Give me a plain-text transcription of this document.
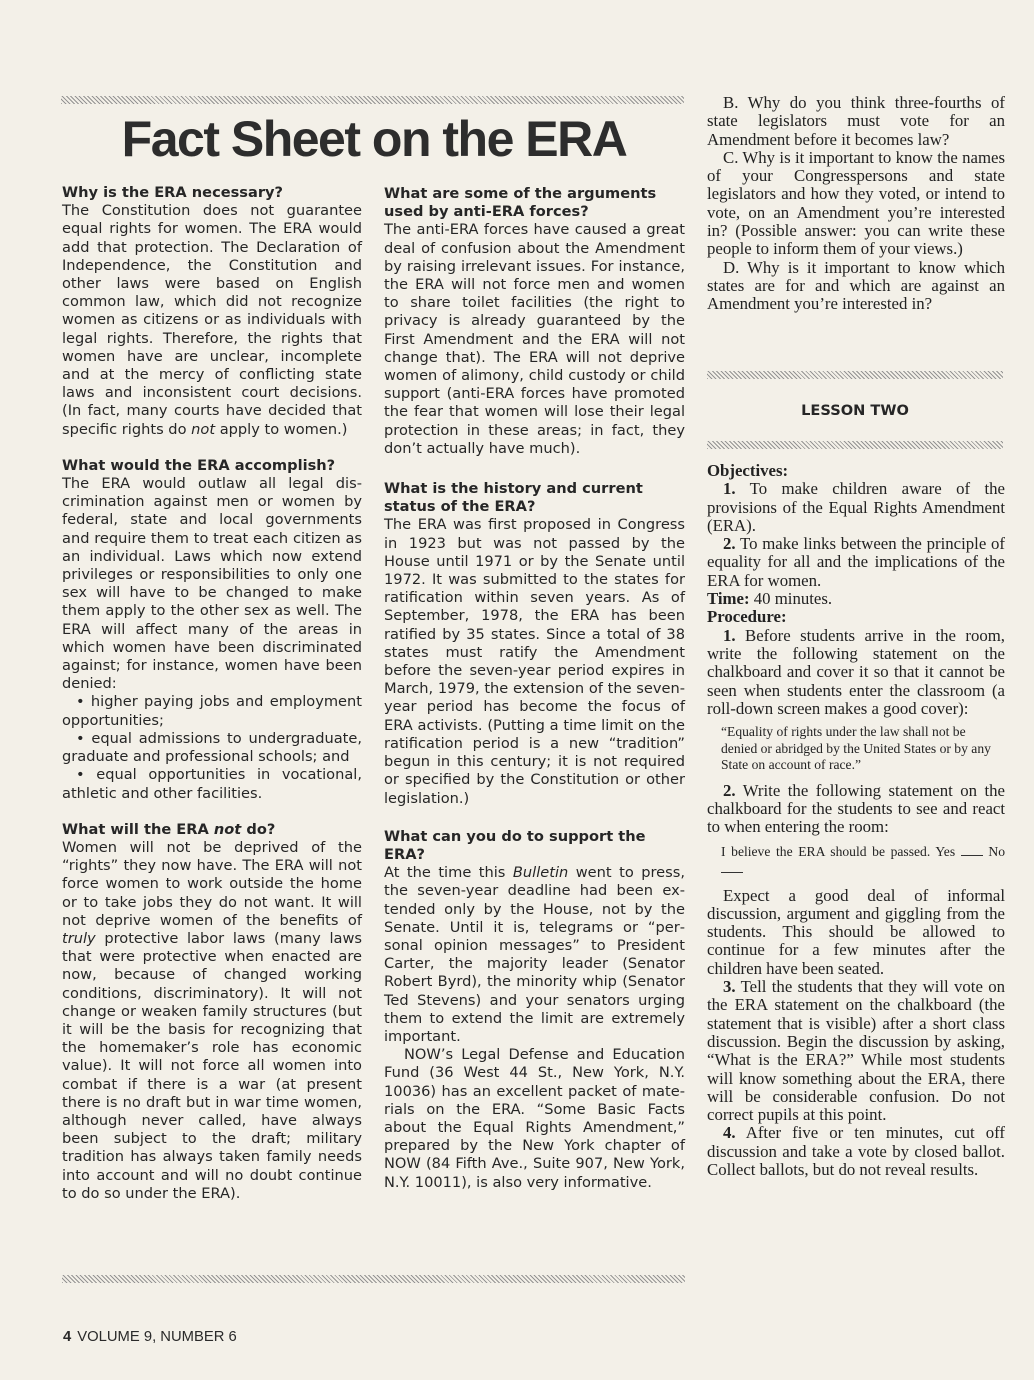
Fact Sheet on the ERA
Why is the ERA necessary?

The Constitution does not guarantee equal rights for women. The ERA would add that protection. The Declaration of Independence, the Constitution and other laws were based on English common law, which did not recognize women as citizens or as individuals with legal rights. Therefore, the rights that women have are unclear, incomplete and at the mercy of conflicting state laws and inconsistent court decisions. (In fact, many courts have decided that specific rights do not apply to women.)

What would the ERA accomplish?

The ERA would outlaw all legal discrimination against men or women by federal, state and local governments and require them to treat each citizen as an individual. Laws which now extend privileges or responsibilities to only one sex will have to be changed to make them apply to the other sex as well. The ERA will affect many of the areas in which women have been discriminated against; for instance, women have been denied:

• higher paying jobs and employment opportunities;
• equal admissions to undergraduate, graduate and professional schools; and
• equal opportunities in vocational, athletic and other facilities.
What will the ERA not do?

Women will not be deprived of the “rights” they now have. The ERA will not force women to work outside the home or to take jobs they do not want. It will not deprive women of the benefits of truly protective labor laws (many laws that were protective when enacted are now, because of changed working conditions, discriminatory). It will not change or weaken family structures (but it will be the basis for recognizing that the homemaker’s role has economic value). It will not force all women into combat if there is a war (at present there is no draft but in war time women, although never called, have always been subject to the draft; military tradition has always taken family needs into account and will no doubt continue to do so under the ERA).

What are some of the arguments used by anti-ERA forces?

The anti-ERA forces have caused a great deal of confusion about the Amendment by raising irrelevant issues. For instance, the ERA will not force men and women to share toilet facilities (the right to privacy is already guaranteed by the First Amendment and the ERA will not change that). The ERA will not deprive women of alimony, child custody or child support (anti-ERA forces have promoted the fear that women will lose their legal protection in these areas; in fact, they don’t actually have much).

What is the history and current status of the ERA?

The ERA was first proposed in Congress in 1923 but was not passed by the House until 1971 or by the Senate until 1972. It was submitted to the states for ratification within seven years. As of September, 1978, the ERA has been ratified by 35 states. Since a total of 38 states must ratify the Amendment before the seven-year period expires in March, 1979, the extension of the seven-year period has become the focus of ERA activists. (Putting a time limit on the ratification period is a new “tradition” begun in this century; it is not required or specified by the Constitution or other legislation.)

What can you do to support the ERA?

At the time this Bulletin went to press, the seven-year deadline had been extended only by the House, not by the Senate. Until it is, telegrams or “personal opinion messages” to President Carter, the majority leader (Senator Robert Byrd), the minority whip (Senator Ted Stevens) and your senators urging them to extend the limit are extremely important.

NOW’s Legal Defense and Education Fund (36 West 44 St., New York, N.Y. 10036) has an excellent packet of materials on the ERA. “Some Basic Facts about the Equal Rights Amendment,” prepared by the New York chapter of NOW (84 Fifth Ave., Suite 907, New York, N.Y. 10011), is also very informative.

B. Why do you think three-fourths of state legislators must vote for an Amendment before it becomes law?

C. Why is it important to know the names of your Congresspersons and state legislators and how they voted, or intend to vote, on an Amendment you’re interested in? (Possible answer: you can write these people to inform them of your views.)

D. Why is it important to know which states are for and which are against an Amendment you’re interested in?

LESSON TWO

Objectives:

1. To make children aware of the provisions of the Equal Rights Amendment (ERA).

2. To make links between the principle of equality for all and the implications of the ERA for women.

Time: 40 minutes.

Procedure:

1. Before students arrive in the room, write the following statement on the chalkboard and cover it so that it cannot be seen when students enter the classroom (a roll-down screen makes a good cover):

“Equality of rights under the law shall not be denied or abridged by the United States or by any State on account of race.”

2. Write the following statement on the chalkboard for the students to see and react to when entering the room:

I believe the ERA should be passed. Yes No

Expect a good deal of informal discussion, argument and giggling from the students. This should be allowed to continue for a few minutes after the children have been seated.

3. Tell the students that they will vote on the ERA statement on the chalkboard (the statement that is visible) after a short class discussion. Begin the discussion by asking, “What is the ERA?” While most students will know something about the ERA, there will be considerable confusion. Do not correct pupils at this point.

4. After five or ten minutes, cut off discussion and take a vote by closed ballot. Collect ballots, but do not reveal results.

4 VOLUME 9, NUMBER 6
